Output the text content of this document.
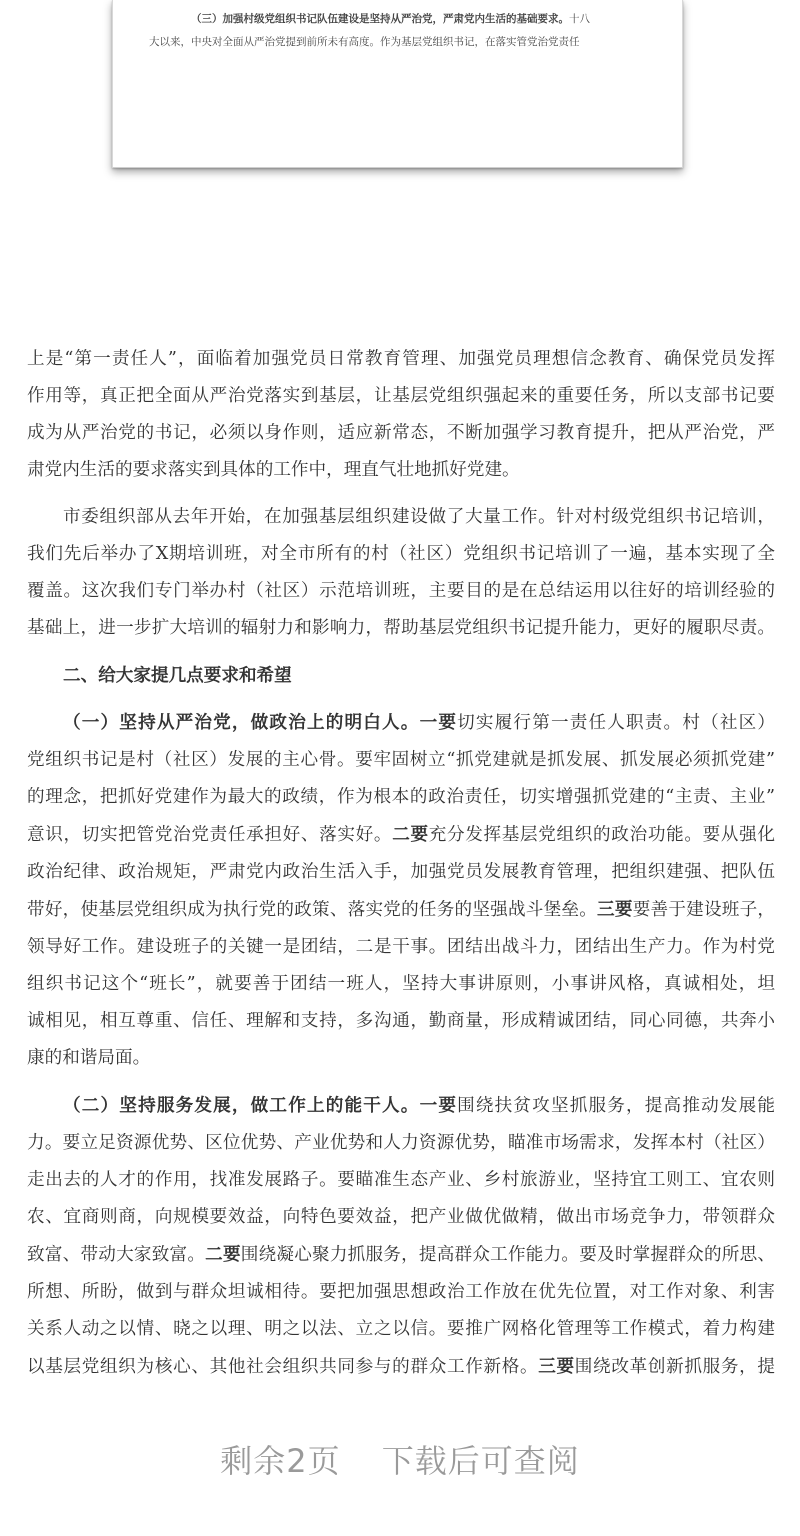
（三）加强村级党组织书记队伍建设是坚持从严治党，严肃党内生活的基础要求。十八

大以来，中央对全面从严治党提到前所未有高度。作为基层党组织书记，在落实管党治党责任

上是“第一责任人”，面临着加强党员日常教育管理、加强党员理想信念教育、确保党员发挥
作用等，真正把全面从严治党落实到基层，让基层党组织强起来的重要任务，所以支部书记要
成为从严治党的书记，必须以身作则，适应新常态，不断加强学习教育提升，把从严治党，严
肃党内生活的要求落实到具体的工作中，理直气壮地抓好党建。

市委组织部从去年开始，在加强基层组织建设做了大量工作。针对村级党组织书记培训，
我们先后举办了X期培训班，对全市所有的村（社区）党组织书记培训了一遍，基本实现了全
覆盖。这次我们专门举办村（社区）示范培训班，主要目的是在总结运用以往好的培训经验的
基础上，进一步扩大培训的辐射力和影响力，帮助基层党组织书记提升能力，更好的履职尽责。

二、给大家提几点要求和希望

（一）坚持从严治党，做政治上的明白人。一要切实履行第一责任人职责。村（社区）
党组织书记是村（社区）发展的主心骨。要牢固树立“抓党建就是抓发展、抓发展必须抓党建”
的理念，把抓好党建作为最大的政绩，作为根本的政治责任，切实增强抓党建的“主责、主业”
意识，切实把管党治党责任承担好、落实好。二要充分发挥基层党组织的政治功能。要从强化
政治纪律、政治规矩，严肃党内政治生活入手，加强党员发展教育管理，把组织建强、把队伍
带好，使基层党组织成为执行党的政策、落实党的任务的坚强战斗堡垒。三要要善于建设班子，
领导好工作。建设班子的关键一是团结，二是干事。团结出战斗力，团结出生产力。作为村党
组织书记这个“班长”，就要善于团结一班人，坚持大事讲原则，小事讲风格，真诚相处，坦
诚相见，相互尊重、信任、理解和支持，多沟通，勤商量，形成精诚团结，同心同德，共奔小
康的和谐局面。

（二）坚持服务发展，做工作上的能干人。一要围绕扶贫攻坚抓服务，提高推动发展能
力。要立足资源优势、区位优势、产业优势和人力资源优势，瞄准市场需求，发挥本村（社区）
走出去的人才的作用，找准发展路子。要瞄准生态产业、乡村旅游业，坚持宜工则工、宜农则
农、宜商则商，向规模要效益，向特色要效益，把产业做优做精，做出市场竞争力，带领群众
致富、带动大家致富。二要围绕凝心聚力抓服务，提高群众工作能力。要及时掌握群众的所思、
所想、所盼，做到与群众坦诚相待。要把加强思想政治工作放在优先位置，对工作对象、利害
关系人动之以情、晓之以理、明之以法、立之以信。要推广网格化管理等工作模式，着力构建
以基层党组织为核心、其他社会组织共同参与的群众工作新格。三要围绕改革创新抓服务，提

剩余2页 下载后可查阅
